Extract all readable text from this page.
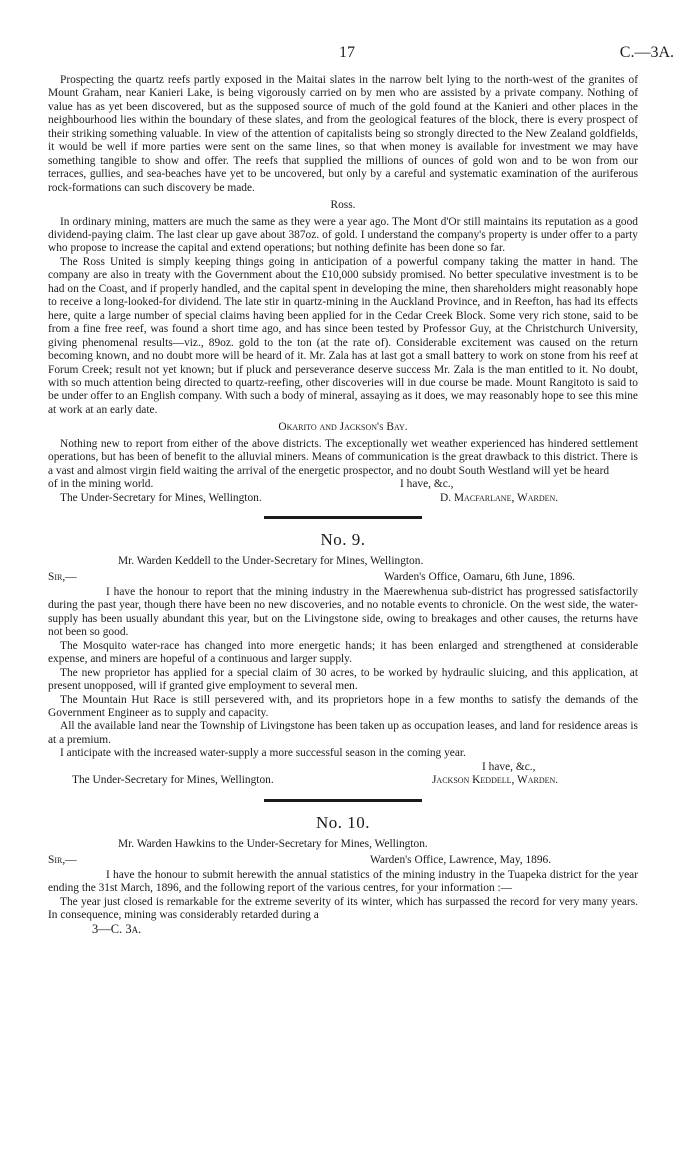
17	C.—3A.

Prospecting the quartz reefs partly exposed in the Maitai slates in the narrow belt lying to the north-west of the granites of Mount Graham, near Kanieri Lake, is being vigorously carried on by men who are assisted by a private company. Nothing of value has as yet been discovered, but as the supposed source of much of the gold found at the Kanieri and other places in the neighbourhood lies within the boundary of these slates, and from the geological features of the block, there is every prospect of their striking something valuable. In view of the attention of capitalists being so strongly directed to the New Zealand goldfields, it would be well if more parties were sent on the same lines, so that when money is available for investment we may have something tangible to show and offer. The reefs that supplied the millions of ounces of gold won and to be won from our terraces, gullies, and sea-beaches have yet to be uncovered, but only by a careful and systematic examination of the auriferous rock-formations can such discovery be made.

Ross.

In ordinary mining, matters are much the same as they were a year ago. The Mont d'Or still maintains its reputation as a good dividend-paying claim. The last clear up gave about 387oz. of gold. I understand the company's property is under offer to a party who propose to increase the capital and extend operations; but nothing definite has been done so far.

The Ross United is simply keeping things going in anticipation of a powerful company taking the matter in hand. The company are also in treaty with the Government about the £10,000 subsidy promised. No better speculative investment is to be had on the Coast, and if properly handled, and the capital spent in developing the mine, then shareholders might reasonably hope to receive a long-looked-for dividend. The late stir in quartz-mining in the Auckland Province, and in Reefton, has had its effects here, quite a large number of special claims having been applied for in the Cedar Creek Block. Some very rich stone, said to be from a fine free reef, was found a short time ago, and has since been tested by Professor Guy, at the Christchurch University, giving phenomenal results—viz., 89oz. gold to the ton (at the rate of). Considerable excitement was caused on the return becoming known, and no doubt more will be heard of it. Mr. Zala has at last got a small battery to work on stone from his reef at Forum Creek; result not yet known; but if pluck and perseverance deserve success Mr. Zala is the man entitled to it. No doubt, with so much attention being directed to quartz-reefing, other discoveries will in due course be made. Mount Rangitoto is said to be under offer to an English company. With such a body of mineral, assaying as it does, we may reasonably hope to see this mine at work at an early date.

Okarito and Jackson's Bay.

Nothing new to report from either of the above districts. The exceptionally wet weather experienced has hindered settlement operations, but has been of benefit to the alluvial miners. Means of communication is the great drawback to this district. There is a vast and almost virgin field waiting the arrival of the energetic prospector, and no doubt South Westland will yet be heard

of in the mining world.	I have, &c.,
The Under-Secretary for Mines, Wellington.	D. Macfarlane, Warden.
No. 9.

Mr. Warden Keddell to the Under-Secretary for Mines, Wellington.

Sir,—	Warden's Office, Oamaru, 6th June, 1896.

I have the honour to report that the mining industry in the Maerewhenua sub-district has progressed satisfactorily during the past year, though there have been no new discoveries, and no notable events to chronicle. On the west side, the water-supply has been usually abundant this year, but on the Livingstone side, owing to breakages and other causes, the returns have not been so good.

The Mosquito water-race has changed into more energetic hands; it has been enlarged and strengthened at considerable expense, and miners are hopeful of a continuous and larger supply.

The new proprietor has applied for a special claim of 30 acres, to be worked by hydraulic sluicing, and this application, at present unopposed, will if granted give employment to several men.

The Mountain Hut Race is still persevered with, and its proprietors hope in a few months to satisfy the demands of the Government Engineer as to supply and capacity.

All the available land near the Township of Livingstone has been taken up as occupation leases, and land for residence areas is at a premium.

I anticipate with the increased water-supply a more successful season in the coming year.

I have, &c.,
The Under-Secretary for Mines, Wellington.	Jackson Keddell, Warden.
No. 10.

Mr. Warden Hawkins to the Under-Secretary for Mines, Wellington.

Sir,—	Warden's Office, Lawrence, May, 1896.

I have the honour to submit herewith the annual statistics of the mining industry in the Tuapeka district for the year ending the 31st March, 1896, and the following report of the various centres, for your information :—

The year just closed is remarkable for the extreme severity of its winter, which has surpassed the record for very many years. In consequence, mining was considerably retarded during a

3—C. 3a.
